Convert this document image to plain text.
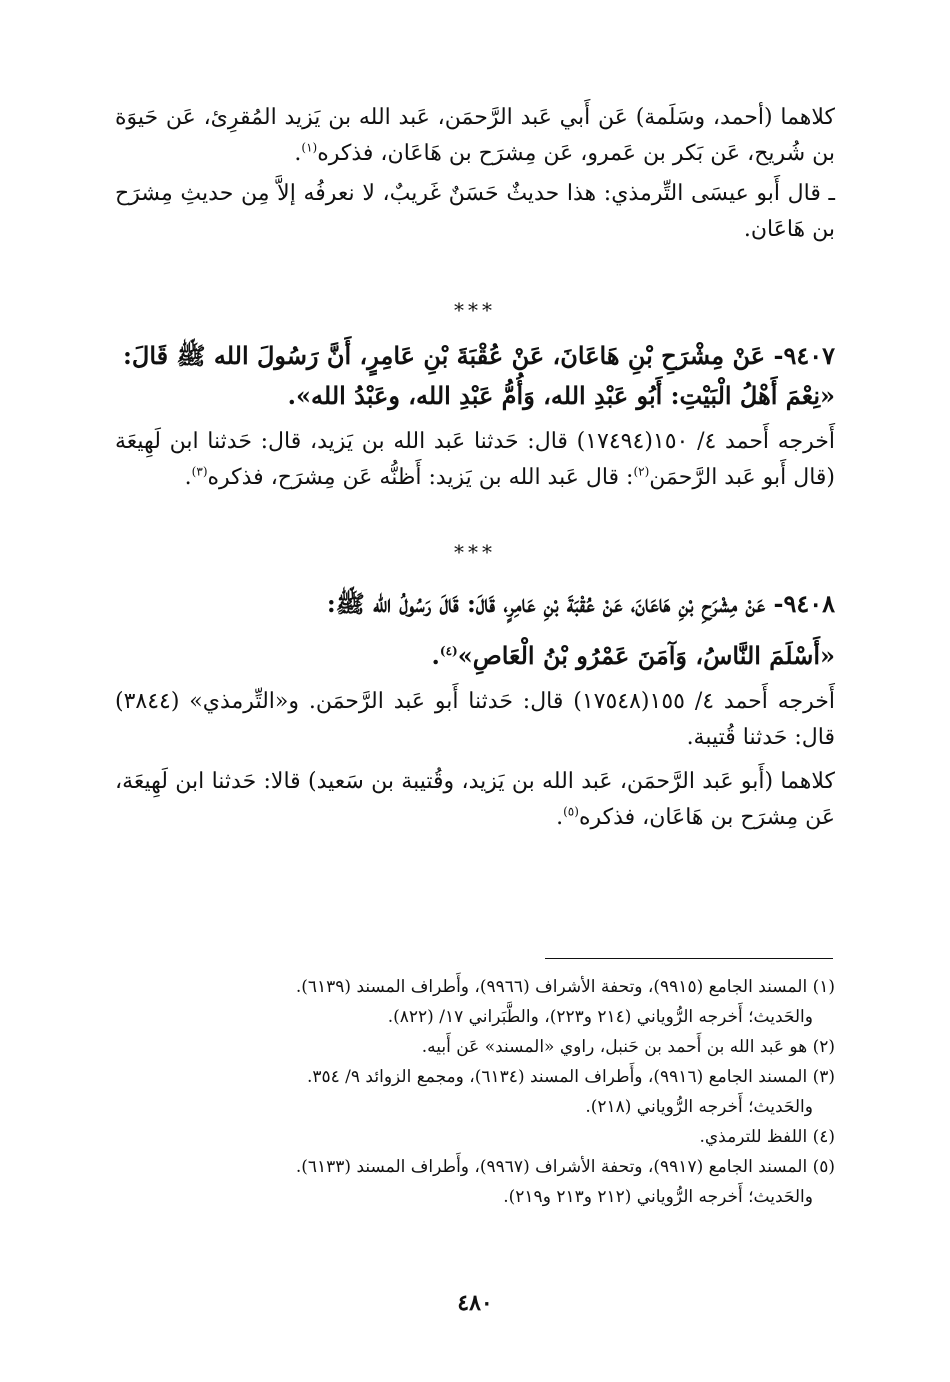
كلاهما (أحمد، وسَلَمة) عَن أَبي عَبد الرَّحمَن، عَبد الله بن يَزيد المُقرِئ، عَن حَيوَة بن شُريح، عَن بَكر بن عَمرو، عَن مِشرَح بن هَاعَان، فذكره$^{(١)}$.

ـ قال أَبو عيسَى التِّرمذي: هذا حديثٌ حَسَنٌ غَريبٌ، لا نعرفُه إلاَّ مِن حديثِ مِشرَح بن هَاعَان.

***

٩٤٠٧- عَنْ مِشْرَحِ بْنِ هَاعَانَ، عَنْ عُقْبَةَ بْنِ عَامِرٍ، أَنَّ رَسُولَ الله ﷺ قَالَ:

«نِعْمَ أَهْلُ الْبَيْتِ: أَبُو عَبْدِ الله، وَأُمُّ عَبْدِ الله، وعَبْدُ الله».

أَخرجه أَحمد ٤/ ١٥٠(١٧٤٩٤) قال: حَدثنا عَبد الله بن يَزيد، قال: حَدثنا ابن لَهِيعَة (قال أَبو عَبد الرَّحمَن$^{(٢)}$: قال عَبد الله بن يَزيد: أَظنُّه عَن مِشرَح، فذكره$^{(٣)}$.

***

٩٤٠٨- عَنْ مِشْرَحِ بْنِ هَاعَانَ، عَنْ عُقْبَةَ بْنِ عَامِرٍ، قَالَ: قَالَ رَسُولُ الله ﷺ:

«أَسْلَمَ النَّاسُ، وَآمَنَ عَمْرُو بْنُ الْعَاصِ»$^{(٤)}$.

أَخرجه أَحمد ٤/ ١٥٥(١٧٥٤٨) قال: حَدثنا أَبو عَبد الرَّحمَن. و«التِّرمذي» (٣٨٤٤) قال: حَدثنا قُتيبة.

كلاهما (أَبو عَبد الرَّحمَن، عَبد الله بن يَزيد، وقُتيبة بن سَعيد) قالا: حَدثنا ابن لَهِيعَة، عَن مِشرَح بن هَاعَان، فذكره$^{(٥)}$.

(١) المسند الجامع (٩٩١٥)، وتحفة الأشراف (٩٩٦٦)، وأَطراف المسند (٦١٣٩).

والحَديث؛ أَخرجه الرُّوياني (٢١٤ و٢٢٣)، والطَّبَراني ١٧/ (٨٢٢).

(٢) هو عَبد الله بن أَحمد بن حَنبل، راوي «المسند» عَن أَبيه.

(٣) المسند الجامع (٩٩١٦)، وأَطراف المسند (٦١٣٤)، ومجمع الزوائد ٩/ ٣٥٤.

والحَديث؛ أَخرجه الرُّوياني (٢١٨).

(٤) اللفظ للترمذي.

(٥) المسند الجامع (٩٩١٧)، وتحفة الأشراف (٩٩٦٧)، وأَطراف المسند (٦١٣٣).

والحَديث؛ أَخرجه الرُّوياني (٢١٢ و٢١٣ و٢١٩).

٤٨٠
